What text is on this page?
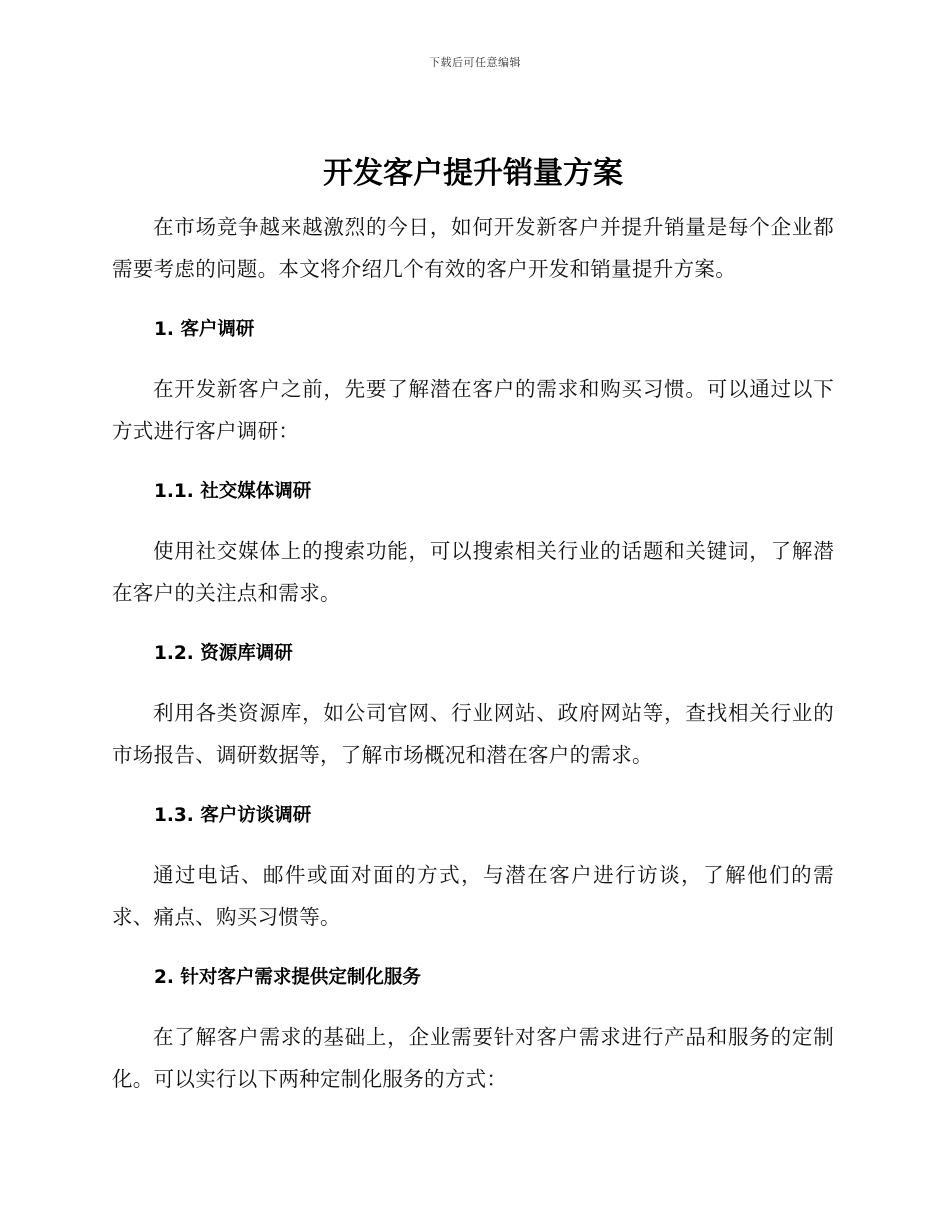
下载后可任意编辑
开发客户提升销量方案

在市场竞争越来越激烈的今日，如何开发新客户并提升销量是每个企业都需要考虑的问题。本文将介绍几个有效的客户开发和销量提升方案。

1. 客户调研

在开发新客户之前，先要了解潜在客户的需求和购买习惯。可以通过以下方式进行客户调研：

1.1. 社交媒体调研

使用社交媒体上的搜索功能，可以搜索相关行业的话题和关键词，了解潜在客户的关注点和需求。

1.2. 资源库调研

利用各类资源库，如公司官网、行业网站、政府网站等，查找相关行业的市场报告、调研数据等，了解市场概况和潜在客户的需求。

1.3. 客户访谈调研

通过电话、邮件或面对面的方式，与潜在客户进行访谈，了解他们的需求、痛点、购买习惯等。

2. 针对客户需求提供定制化服务

在了解客户需求的基础上，企业需要针对客户需求进行产品和服务的定制化。可以实行以下两种定制化服务的方式：
